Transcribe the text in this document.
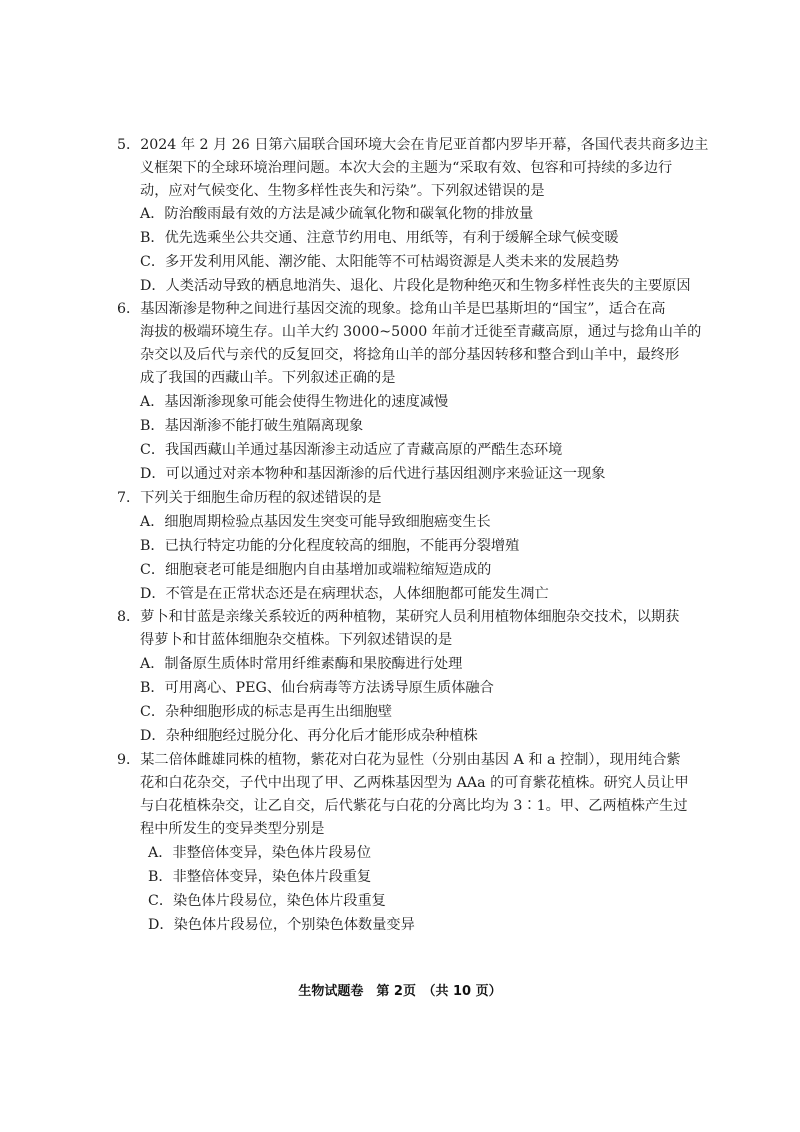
5．2024 年 2 月 26 日第六届联合国环境大会在肯尼亚首都内罗毕开幕，各国代表共商多边主
义框架下的全球环境治理问题。本次大会的主题为“采取有效、包容和可持续的多边行
动，应对气候变化、生物多样性丧失和污染”。下列叙述错误的是
A．防治酸雨最有效的方法是减少硫氧化物和碳氧化物的排放量
B．优先选乘坐公共交通、注意节约用电、用纸等，有利于缓解全球气候变暖
C．多开发利用风能、潮汐能、太阳能等不可枯竭资源是人类未来的发展趋势
D．人类活动导致的栖息地消失、退化、片段化是物种绝灭和生物多样性丧失的主要原因
6．基因渐渗是物种之间进行基因交流的现象。捻角山羊是巴基斯坦的“国宝”，适合在高
海拔的极端环境生存。山羊大约 3000~5000 年前才迁徙至青藏高原，通过与捻角山羊的
杂交以及后代与亲代的反复回交，将捻角山羊的部分基因转移和整合到山羊中，最终形
成了我国的西藏山羊。下列叙述正确的是
A．基因渐渗现象可能会使得生物进化的速度减慢
B．基因渐渗不能打破生殖隔离现象
C．我国西藏山羊通过基因渐渗主动适应了青藏高原的严酷生态环境
D．可以通过对亲本物种和基因渐渗的后代进行基因组测序来验证这一现象
7．下列关于细胞生命历程的叙述错误的是
A．细胞周期检验点基因发生突变可能导致细胞癌变生长
B．已执行特定功能的分化程度较高的细胞，不能再分裂增殖
C．细胞衰老可能是细胞内自由基增加或端粒缩短造成的
D．不管是在正常状态还是在病理状态，人体细胞都可能发生凋亡
8．萝卜和甘蓝是亲缘关系较近的两种植物，某研究人员利用植物体细胞杂交技术，以期获
得萝卜和甘蓝体细胞杂交植株。下列叙述错误的是
A．制备原生质体时常用纤维素酶和果胶酶进行处理
B．可用离心、PEG、仙台病毒等方法诱导原生质体融合
C．杂种细胞形成的标志是再生出细胞壁
D．杂种细胞经过脱分化、再分化后才能形成杂种植株
9．某二倍体雌雄同株的植物，紫花对白花为显性（分别由基因 A 和 a 控制），现用纯合紫
花和白花杂交，子代中出现了甲、乙两株基因型为 AAa 的可育紫花植株。研究人员让甲
与白花植株杂交，让乙自交，后代紫花与白花的分离比均为 3∶1。甲、乙两植株产生过
程中所发生的变异类型分别是
A．非整倍体变异，染色体片段易位
B．非整倍体变异，染色体片段重复
C．染色体片段易位，染色体片段重复
D．染色体片段易位，个别染色体数量变异
生物试题卷　第 2页　（共 10 页）
